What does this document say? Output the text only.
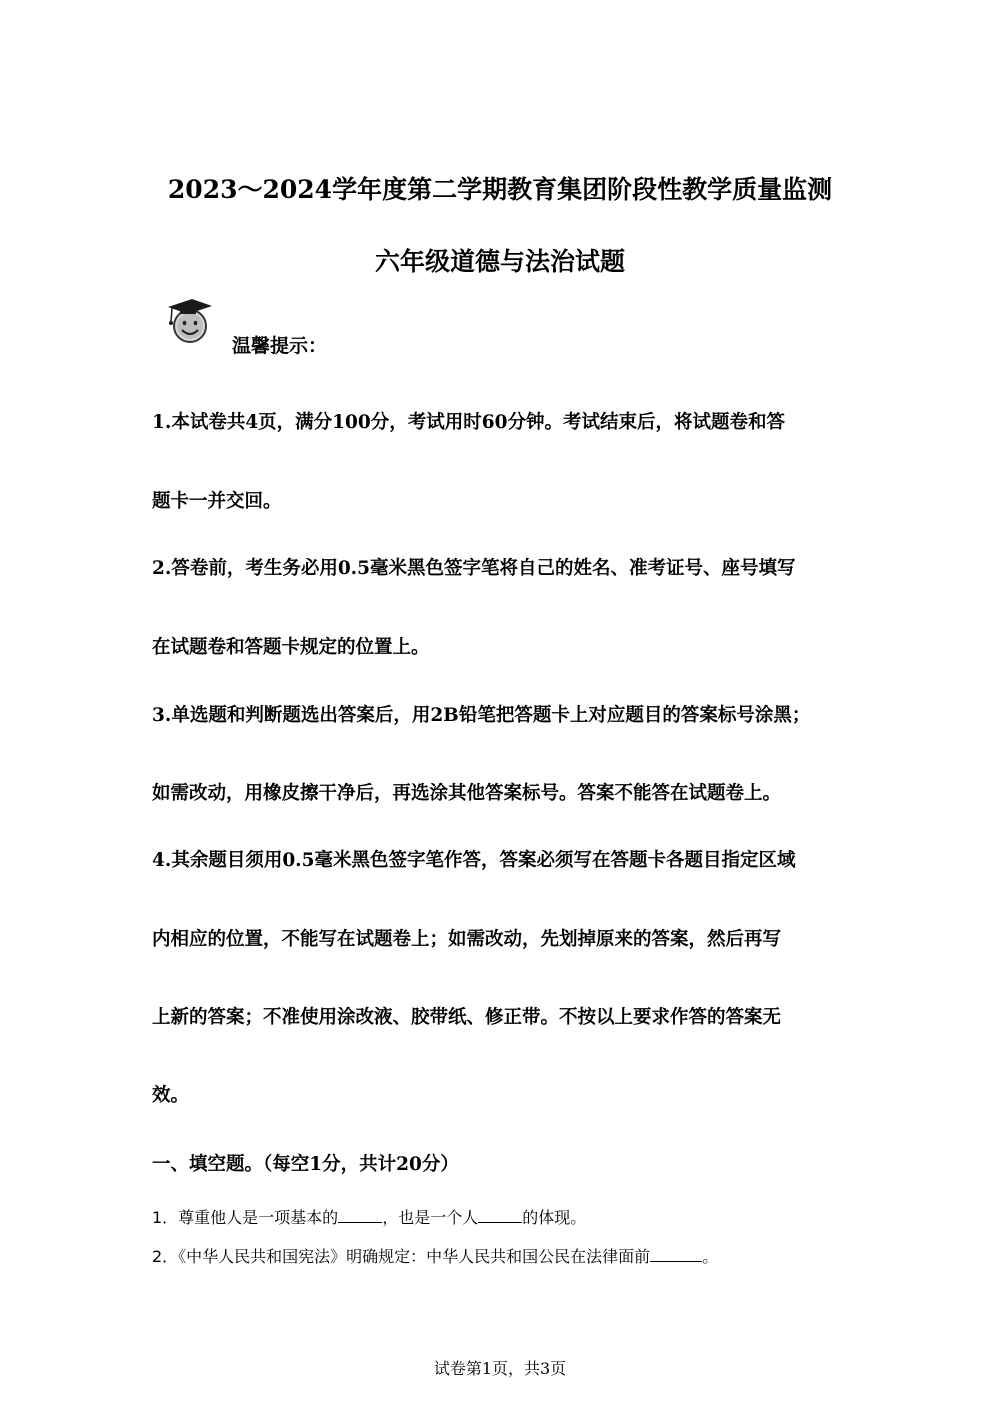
2023～2024学年度第二学期教育集团阶段性教学质量监测
六年级道德与法治试题
温馨提示：
1.本试卷共4页，满分100分，考试用时60分钟。考试结束后，将试题卷和答
题卡一并交回。
2.答卷前，考生务必用0.5毫米黑色签字笔将自己的姓名、准考证号、座号填写
在试题卷和答题卡规定的位置上。
3.单选题和判断题选出答案后，用2B铅笔把答题卡上对应题目的答案标号涂黑；
如需改动，用橡皮擦干净后，再选涂其他答案标号。答案不能答在试题卷上。
4.其余题目须用0.5毫米黑色签字笔作答，答案必须写在答题卡各题目指定区域
内相应的位置，不能写在试题卷上；如需改动，先划掉原来的答案，然后再写
上新的答案；不准使用涂改液、胶带纸、修正带。不按以上要求作答的答案无
效。
一、填空题。（每空1分，共计20分）
1．尊重他人是一项基本的	，也是一个人	的体现。
2．《中华人民共和国宪法》明确规定：中华人民共和国公民在法律面前	。
试卷第1页，共3页
